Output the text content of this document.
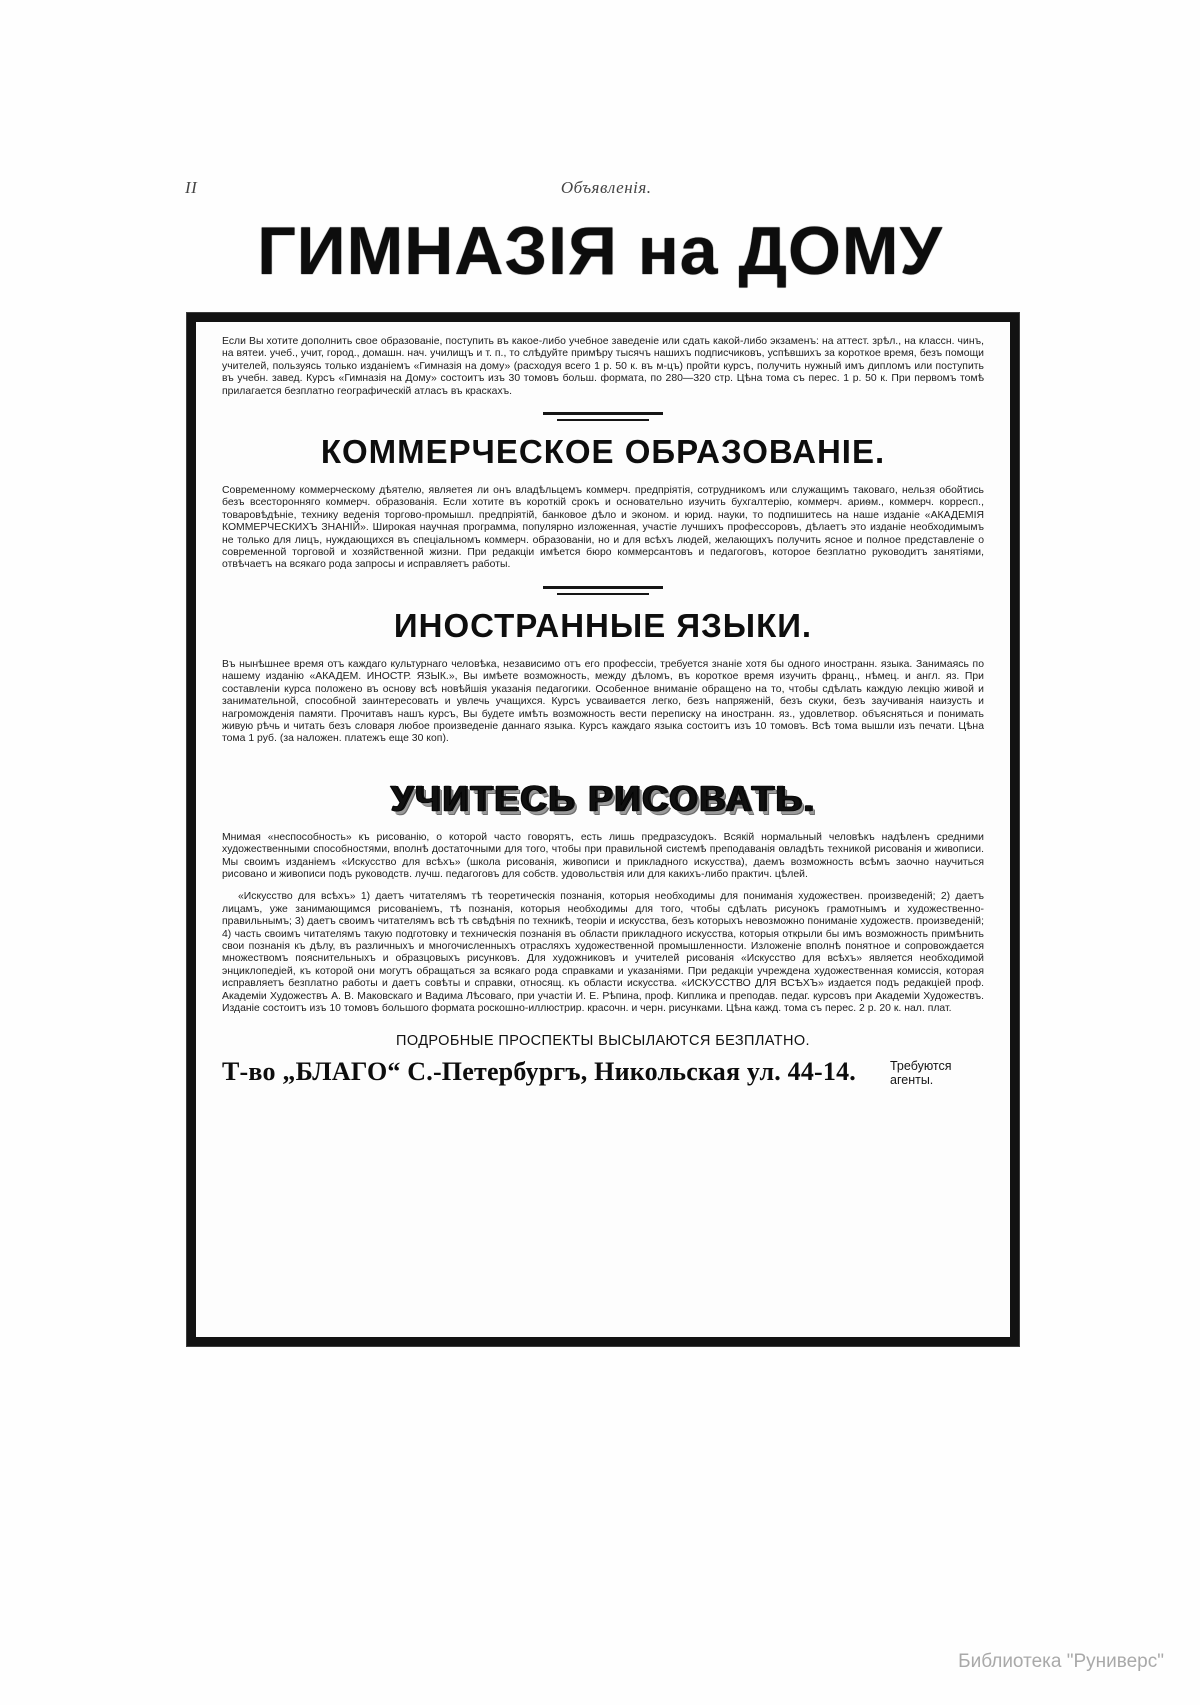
II	Объявленія.
ГИМНАЗІЯ на ДОМУ
Если Вы хотите дополнить свое образованіе, поступить въ какое-либо учебное заведеніе или сдать какой-либо экзаменъ: на аттест. зрѣл., на классн. чинъ, на вятеи. учеб., учит, город., домашн. нач. училищъ и т. п., то слѣдуйте примѣру тысячъ нашихъ подписчиковъ, успѣвшихъ за короткое время, безъ помощи учителей, пользуясь только изданіемъ «Гимназія на дому» (расходуя всего 1 р. 50 к. въ м-цъ) пройти курсъ, получить нужный имъ дипломъ или поступить въ учебн. завед. Курсъ «Гимназія на Дому» состоитъ изъ 30 томовъ больш. формата, по 280—320 стр. Цѣна тома съ перес. 1 р. 50 к. При первомъ томѣ прилагается безплатно географическій атласъ въ краскахъ.
КОММЕРЧЕСКОЕ ОБРАЗОВАНІЕ.
Современному коммерческому дѣятелю, являетея ли онъ владѣльцемъ коммерч. предпріятія, сотрудникомъ или служащимъ таковаго, нельзя обойтись безъ всесторонняго коммерч. образованія. Если хотите въ короткій срокъ и основательно изучить бухгалтерію, коммерч. ариѳм., коммерч. корресп., товаровѣдѣніе, технику веденія торгово-промышл. предпріятій, банковое дѣло и эконом. и юрид. науки, то подпишитесь на наше изданіе «АКАДЕМІЯ КОММЕРЧЕСКИХЪ ЗНАНІЙ». Широкая научная программа, популярно изложенная, участіе лучшихъ профессоровъ, дѣлаетъ это изданіе необходимымъ не только для лицъ, нуждающихся въ спеціальномъ коммерч. образованіи, но и для всѣхъ людей, желающихъ получить ясное и полное представленіе о современной торговой и хозяйственной жизни. При редакціи имѣется бюро коммерсантовъ и педагоговъ, которое безплатно руководитъ занятіями, отвѣчаетъ на всякаго рода запросы и исправляетъ работы.
ИНОСТРАННЫЕ ЯЗЫКИ.
Въ нынѣшнее время отъ каждаго культурнаго человѣка, независимо отъ его профессіи, требуется знаніе хотя бы одного иностранн. языка. Занимаясь по нашему изданію «АКАДЕМ. ИНОСТР. ЯЗЫК.», Вы имѣете возможность, между дѣломъ, въ короткое время изучить франц., нѣмец. и англ. яз. При составленіи курса положено въ основу всѣ новѣйшія указанія педагогики. Особенное вниманіе обращено на то, чтобы сдѣлать каждую лекцію живой и занимательной, способной заинтересовать и увлечь учащихся. Курсъ усваивается легко, безъ напряженій, безъ скуки, безъ заучиванія наизусть и нагроможденія памяти. Прочитавъ нашъ курсъ, Вы будете имѣть возможность вести переписку на иностранн. яз., удовлетвор. объясняться и понимать живую рѣчь и читать безъ словаря любое произведеніе даннаго языка. Курсъ каждаго языка состоитъ изъ 10 томовъ. Всѣ тома вышли изъ печати. Цѣна тома 1 руб. (за наложен. платежъ еще 30 коп).
УЧИТЕСЬ РИСОВАТЬ.
Мнимая «неспособность» къ рисованію, о которой часто говорятъ, есть лишь предразсудокъ. Всякій нормальный человѣкъ надѣленъ средними художественными способностями, вполнѣ достаточными для того, чтобы при правильной системѣ преподаванія овладѣть техникой рисованія и живописи. Мы своимъ изданіемъ «Искусство для всѣхъ» (школа рисованія, живописи и прикладного искусства), даемъ возможность всѣмъ заочно научиться рисовано и живописи подъ руководств. лучш. педагоговъ для собств. удовольствія или для какихъ-либо практич. цѣлей.
«Искусство для всѣхъ» 1) даетъ читателямъ тѣ теоретическія познанія, которыя необходимы для пониманія художествен. произведеній; 2) даетъ лицамъ, уже занимающимся рисованіемъ, тѣ познанія, которыя необходимы для того, чтобы сдѣлать рисунокъ грамотнымъ и художественно-правильнымъ; 3) даетъ своимъ читателямъ всѣ тѣ свѣдѣнія по техникѣ, теоріи и искусства, безъ которыхъ невозможно пониманіе художеств. произведеній; 4) часть своимъ читателямъ такую подготовку и техническія познанія въ области прикладного искусства, которыя открыли бы имъ возможность примѣнить свои познанія къ дѣлу, въ различныхъ и многочисленныхъ отрасляхъ художественной промышленности. Изложеніе вполнѣ понятное и сопровождается множествомъ пояснительныхъ и образцовыхъ рисунковъ. Для художниковъ и учителей рисованія «Искусство для всѣхъ» является необходимой энциклопедіей, къ которой они могутъ обращаться за всякаго рода справками и указаніями. При редакціи учреждена художественная комиссія, которая исправляетъ безплатно работы и даетъ совѣты и справки, относящ. къ области искусства. «ИСКУССТВО ДЛЯ ВСѢХЪ» издается подъ редакціей проф. Академіи Художествъ А. В. Маковскаго и Вадима Лѣсоваго, при участіи И. Е. Рѣпина, проф. Киплика и преподав. педаг. курсовъ при Академіи Художествъ. Изданіе состоитъ изъ 10 томовъ большого формата роскошно-иллюстрир. красочн. и черн. рисунками. Цѣна кажд. тома съ перес. 2 р. 20 к. нал. плат.
ПОДРОБНЫЕ ПРОСПЕКТЫ ВЫСЫЛАЮТСЯ БЕЗПЛАТНО.
Т-во „БЛАГО“ С.-Петербургъ, Никольская ул. 44-14.	Требуются агенты.
Библиотека "Руниверс"
